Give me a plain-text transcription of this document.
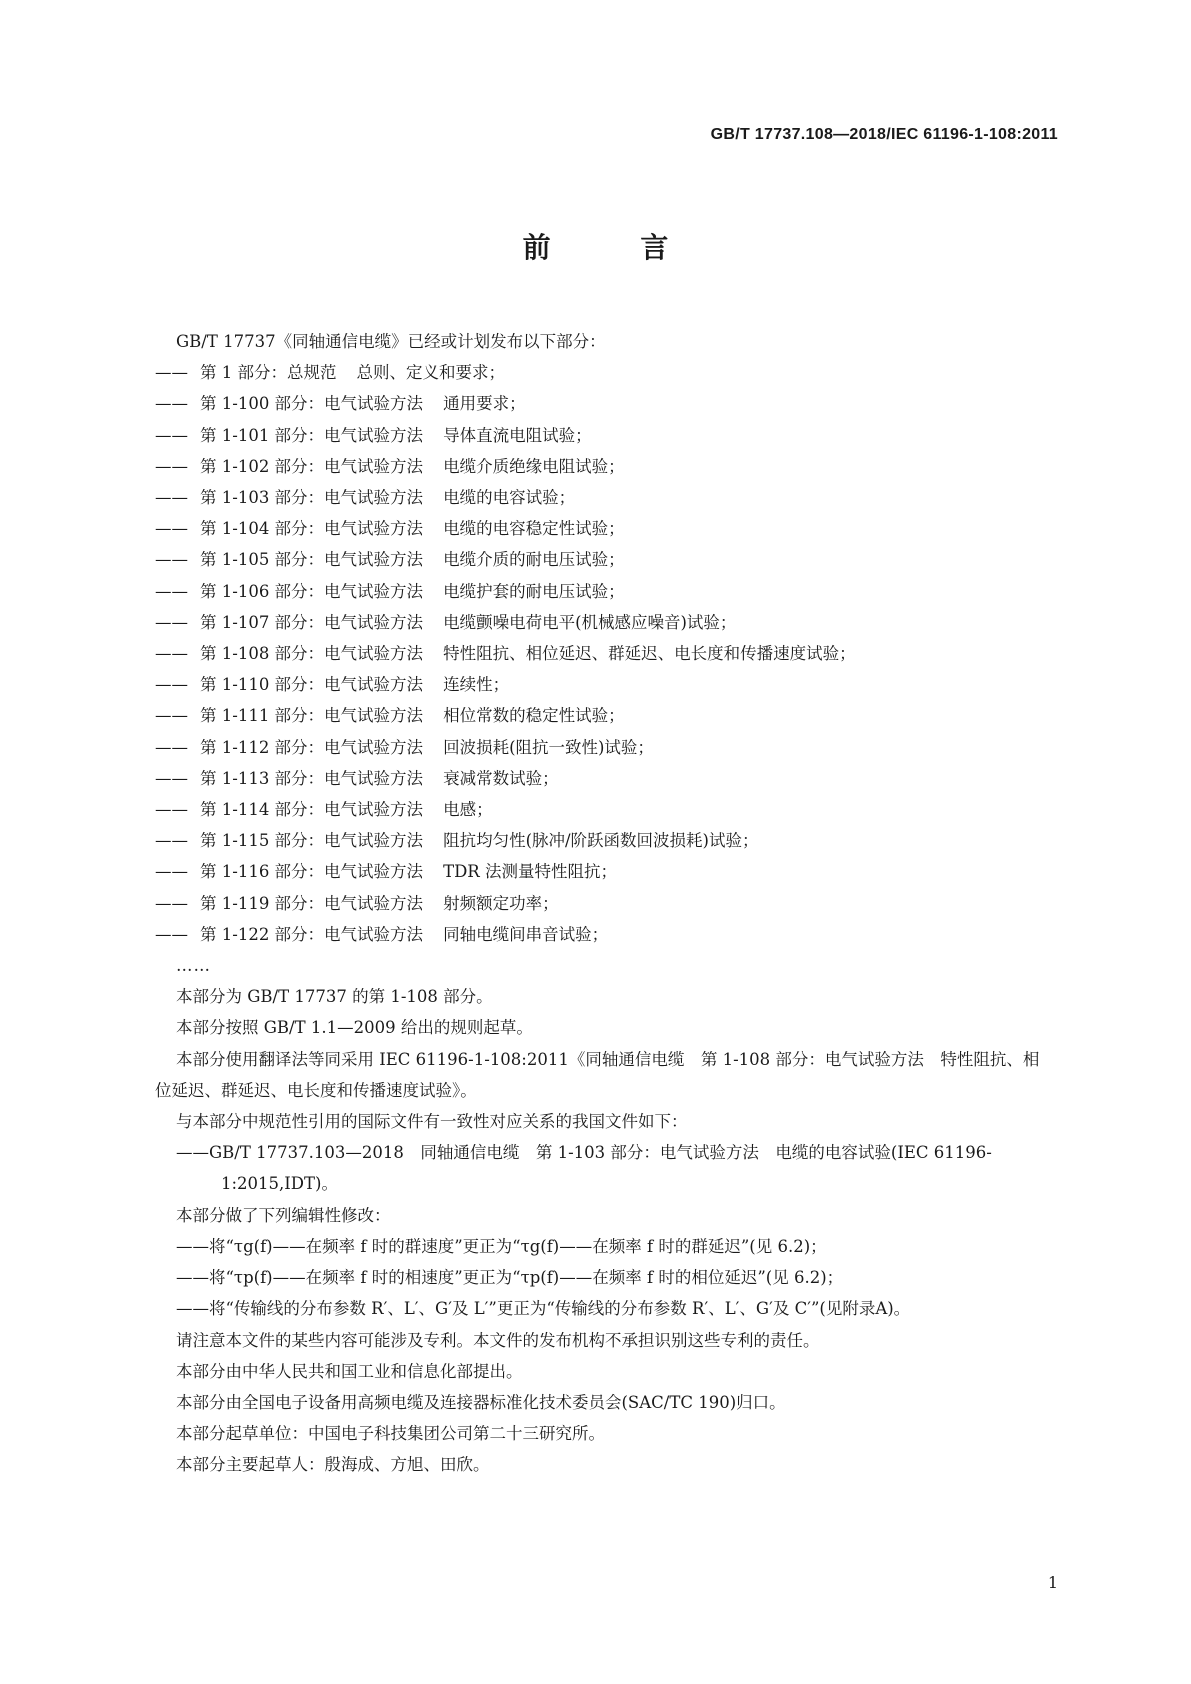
GB/T 17737.108—2018/IEC 61196-1-108:2011
前 言

GB/T 17737《同轴通信电缆》已经或计划发布以下部分：

—— 第 1 部分：总规范 总则、定义和要求；
—— 第 1-100 部分：电气试验方法 通用要求；
—— 第 1-101 部分：电气试验方法 导体直流电阻试验；
—— 第 1-102 部分：电气试验方法 电缆介质绝缘电阻试验；
—— 第 1-103 部分：电气试验方法 电缆的电容试验；
—— 第 1-104 部分：电气试验方法 电缆的电容稳定性试验；
—— 第 1-105 部分：电气试验方法 电缆介质的耐电压试验；
—— 第 1-106 部分：电气试验方法 电缆护套的耐电压试验；
—— 第 1-107 部分：电气试验方法 电缆颤噪电荷电平(机械感应噪音)试验；
—— 第 1-108 部分：电气试验方法 特性阻抗、相位延迟、群延迟、电长度和传播速度试验；
—— 第 1-110 部分：电气试验方法 连续性；
—— 第 1-111 部分：电气试验方法 相位常数的稳定性试验；
—— 第 1-112 部分：电气试验方法 回波损耗(阻抗一致性)试验；
—— 第 1-113 部分：电气试验方法 衰减常数试验；
—— 第 1-114 部分：电气试验方法 电感；
—— 第 1-115 部分：电气试验方法 阻抗均匀性(脉冲/阶跃函数回波损耗)试验；
—— 第 1-116 部分：电气试验方法 TDR 法测量特性阻抗；
—— 第 1-119 部分：电气试验方法 射频额定功率；
—— 第 1-122 部分：电气试验方法 同轴电缆间串音试验；

……

本部分为 GB/T 17737 的第 1-108 部分。

本部分按照 GB/T 1.1—2009 给出的规则起草。

本部分使用翻译法等同采用 IEC 61196-1-108:2011《同轴通信电缆　第 1-108 部分：电气试验方法　特性阻抗、相位延迟、群延迟、电长度和传播速度试验》。

与本部分中规范性引用的国际文件有一致性对应关系的我国文件如下：

——GB/T 17737.103—2018　同轴通信电缆　第 1-103 部分：电气试验方法　电缆的电容试验(IEC 61196-1:2015,IDT)。

本部分做了下列编辑性修改：

——将“τg(f)——在频率 f 时的群速度”更正为“τg(f)——在频率 f 时的群延迟”(见 6.2)；

——将“τp(f)——在频率 f 时的相速度”更正为“τp(f)——在频率 f 时的相位延迟”(见 6.2)；

——将“传输线的分布参数 R′、L′、G′及 L′”更正为“传输线的分布参数 R′、L′、G′及 C′”(见附录A)。

请注意本文件的某些内容可能涉及专利。本文件的发布机构不承担识别这些专利的责任。

本部分由中华人民共和国工业和信息化部提出。

本部分由全国电子设备用高频电缆及连接器标准化技术委员会(SAC/TC 190)归口。

本部分起草单位：中国电子科技集团公司第二十三研究所。

本部分主要起草人：殷海成、方旭、田欣。

1
